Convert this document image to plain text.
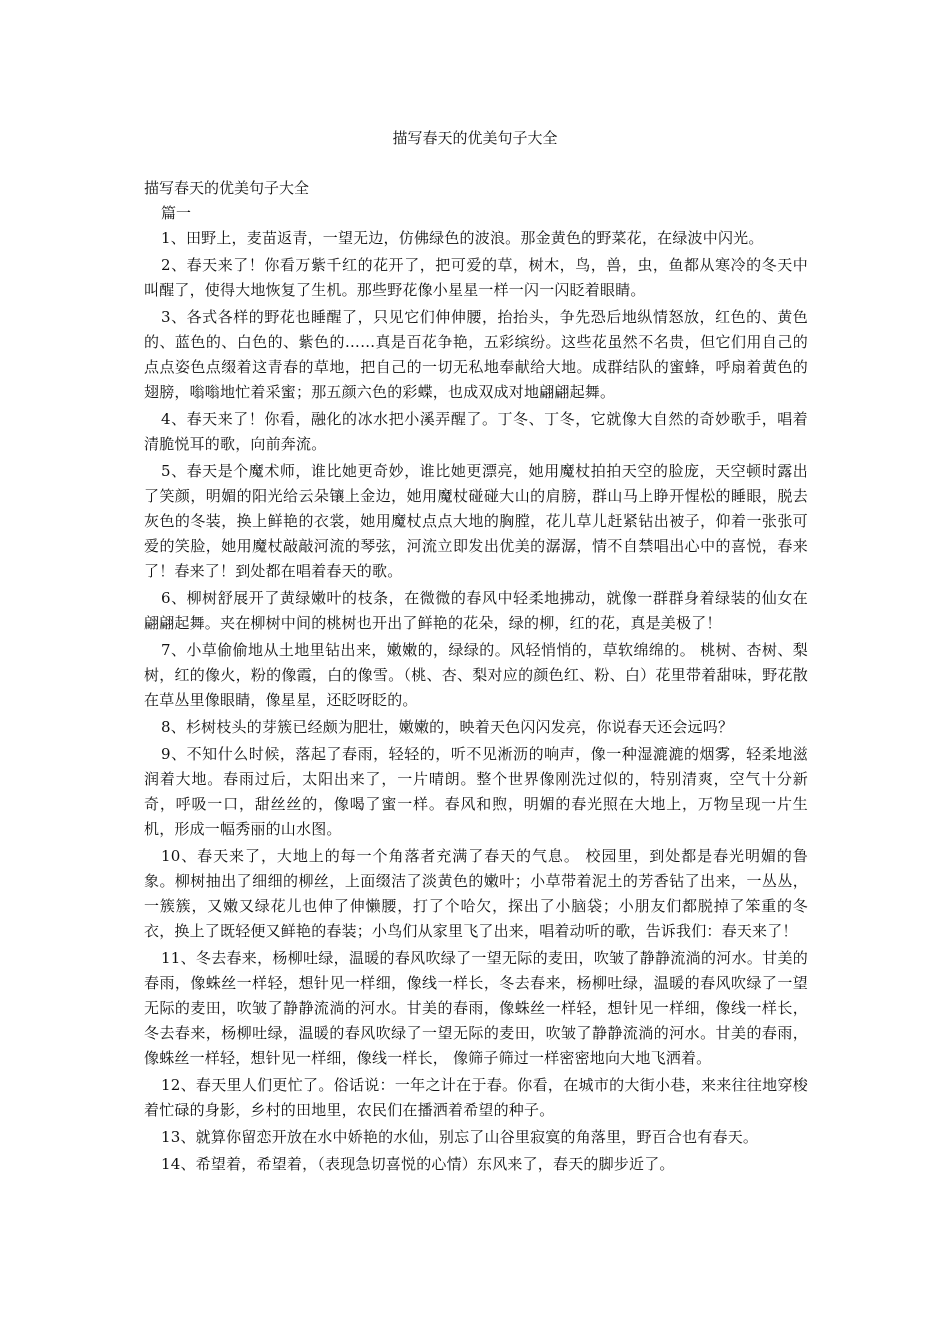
描写春天的优美句子大全

描写春天的优美句子大全

篇一

1、田野上，麦苗返青，一望无边，仿佛绿色的波浪。那金黄色的野菜花，在绿波中闪光。

2、春天来了！你看万紫千红的花开了，把可爱的草，树木，鸟，兽，虫，鱼都从寒冷的冬天中叫醒了，使得大地恢复了生机。那些野花像小星星一样一闪一闪眨着眼睛。

3、各式各样的野花也睡醒了，只见它们伸伸腰，抬抬头，争先恐后地纵情怒放，红色的、黄色的、蓝色的、白色的、紫色的……真是百花争艳，五彩缤纷。这些花虽然不名贵，但它们用自己的点点姿色点缀着这青春的草地，把自己的一切无私地奉献给大地。成群结队的蜜蜂，呼扇着黄色的翅膀，嗡嗡地忙着采蜜；那五颜六色的彩蝶，也成双成对地翩翩起舞。

4、春天来了！你看，融化的冰水把小溪弄醒了。丁冬、丁冬，它就像大自然的奇妙歌手，唱着清脆悦耳的歌，向前奔流。

5、春天是个魔术师，谁比她更奇妙，谁比她更漂亮，她用魔杖拍拍天空的脸庞，天空顿时露出了笑颜，明媚的阳光给云朵镶上金边，她用魔杖碰碰大山的肩膀，群山马上睁开惺松的睡眼，脱去灰色的冬装，换上鲜艳的衣裳，她用魔杖点点大地的胸膛，花儿草儿赶紧钻出被子，仰着一张张可爱的笑脸，她用魔杖敲敲河流的琴弦，河流立即发出优美的潺潺，情不自禁唱出心中的喜悦，春来了！春来了！到处都在唱着春天的歌。

6、柳树舒展开了黄绿嫩叶的枝条，在微微的春风中轻柔地拂动，就像一群群身着绿装的仙女在翩翩起舞。夹在柳树中间的桃树也开出了鲜艳的花朵，绿的柳，红的花，真是美极了！

7、小草偷偷地从土地里钻出来，嫩嫩的，绿绿的。风轻悄悄的，草软绵绵的。 桃树、杏树、梨树，红的像火，粉的像霞，白的像雪。（桃、杏、梨对应的颜色红、粉、白）花里带着甜味，野花散在草丛里像眼睛，像星星，还眨呀眨的。

8、杉树枝头的芽簇已经颇为肥壮，嫩嫩的，映着天色闪闪发亮，你说春天还会远吗？

9、不知什么时候，落起了春雨，轻轻的，听不见淅沥的响声，像一种湿漉漉的烟雾，轻柔地滋润着大地。春雨过后，太阳出来了，一片晴朗。整个世界像刚洗过似的，特别清爽，空气十分新奇，呼吸一口，甜丝丝的，像喝了蜜一样。春风和煦，明媚的春光照在大地上，万物呈现一片生机，形成一幅秀丽的山水图。

10、春天来了，大地上的每一个角落者充满了春天的气息。 校园里，到处都是春光明媚的鲁象。柳树抽出了细细的柳丝，上面缀洁了淡黄色的嫩叶；小草带着泥土的芳香钻了出来，一丛丛，一簇簇，又嫩又绿花儿也伸了伸懒腰，打了个哈欠，探出了小脑袋；小朋友们都脱掉了笨重的冬衣，换上了既轻便又鲜艳的春装；小鸟们从家里飞了出来，唱着动听的歌，告诉我们：春天来了！

11、冬去春来，杨柳吐绿，温暖的春风吹绿了一望无际的麦田，吹皱了静静流淌的河水。甘美的春雨，像蛛丝一样轻，想针见一样细，像线一样长，冬去春来，杨柳吐绿，温暖的春风吹绿了一望无际的麦田，吹皱了静静流淌的河水。甘美的春雨，像蛛丝一样轻，想针见一样细，像线一样长，冬去春来，杨柳吐绿，温暖的春风吹绿了一望无际的麦田，吹皱了静静流淌的河水。甘美的春雨，像蛛丝一样轻，想针见一样细，像线一样长， 像筛子筛过一样密密地向大地飞洒着。

12、春天里人们更忙了。俗话说：一年之计在于春。你看，在城市的大街小巷，来来往往地穿梭着忙碌的身影，乡村的田地里，农民们在播洒着希望的种子。

13、就算你留恋开放在水中娇艳的水仙，别忘了山谷里寂寞的角落里，野百合也有春天。

14、希望着，希望着，（表现急切喜悦的心情）东风来了，春天的脚步近了。
